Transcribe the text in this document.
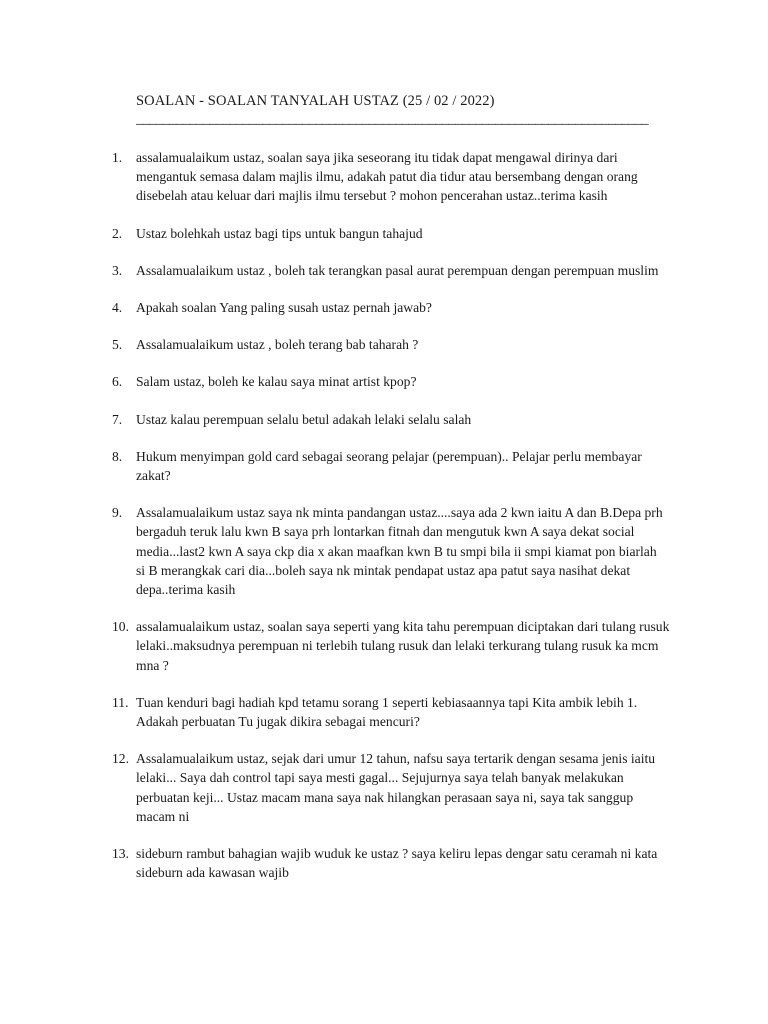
SOALAN - SOALAN TANYALAH USTAZ (25 / 02 / 2022)
_____________________________________________________________________________
1.	assalamualaikum ustaz, soalan saya jika seseorang itu tidak dapat mengawal dirinya dari
mengantuk semasa dalam majlis ilmu, adakah patut dia tidur atau bersembang dengan orang
disebelah atau keluar dari majlis ilmu tersebut ? mohon pencerahan ustaz..terima kasih
2.	Ustaz bolehkah ustaz bagi tips untuk bangun tahajud
3.	Assalamualaikum ustaz , boleh tak terangkan pasal aurat perempuan dengan perempuan muslim
4.	Apakah soalan Yang paling susah ustaz pernah jawab?
5.	Assalamualaikum ustaz , boleh terang bab taharah ?
6.	Salam ustaz, boleh ke kalau saya minat artist kpop?
7.	Ustaz kalau perempuan selalu betul adakah lelaki selalu salah
8.	Hukum menyimpan gold card sebagai seorang pelajar (perempuan).. Pelajar perlu membayar
zakat?
9.	Assalamualaikum ustaz saya nk minta pandangan ustaz....saya ada 2 kwn iaitu A dan B.Depa prh
bergaduh teruk lalu kwn B saya prh lontarkan fitnah dan mengutuk kwn A saya dekat social
media...last2 kwn A saya ckp dia x akan maafkan kwn B tu smpi bila ii smpi kiamat pon biarlah
si B merangkak cari dia...boleh saya nk mintak pendapat ustaz apa patut saya nasihat dekat
depa..terima kasih
10. assalamualaikum ustaz, soalan saya seperti yang kita tahu perempuan diciptakan dari tulang rusuk
lelaki..maksudnya perempuan ni terlebih tulang rusuk dan lelaki terkurang tulang rusuk ka mcm
mna ?
11. Tuan kenduri bagi hadiah kpd tetamu sorang 1 seperti kebiasaannya tapi Kita ambik lebih 1.
Adakah perbuatan Tu jugak dikira sebagai mencuri?
12. Assalamualaikum ustaz, sejak dari umur 12 tahun, nafsu saya tertarik dengan sesama jenis iaitu
lelaki... Saya dah control tapi saya mesti gagal... Sejujurnya saya telah banyak melakukan
perbuatan keji... Ustaz macam mana saya nak hilangkan perasaan saya ni, saya tak sanggup
macam ni
13. sideburn rambut bahagian wajib wuduk ke ustaz ? saya keliru lepas dengar satu ceramah ni kata
sideburn ada kawasan wajib
